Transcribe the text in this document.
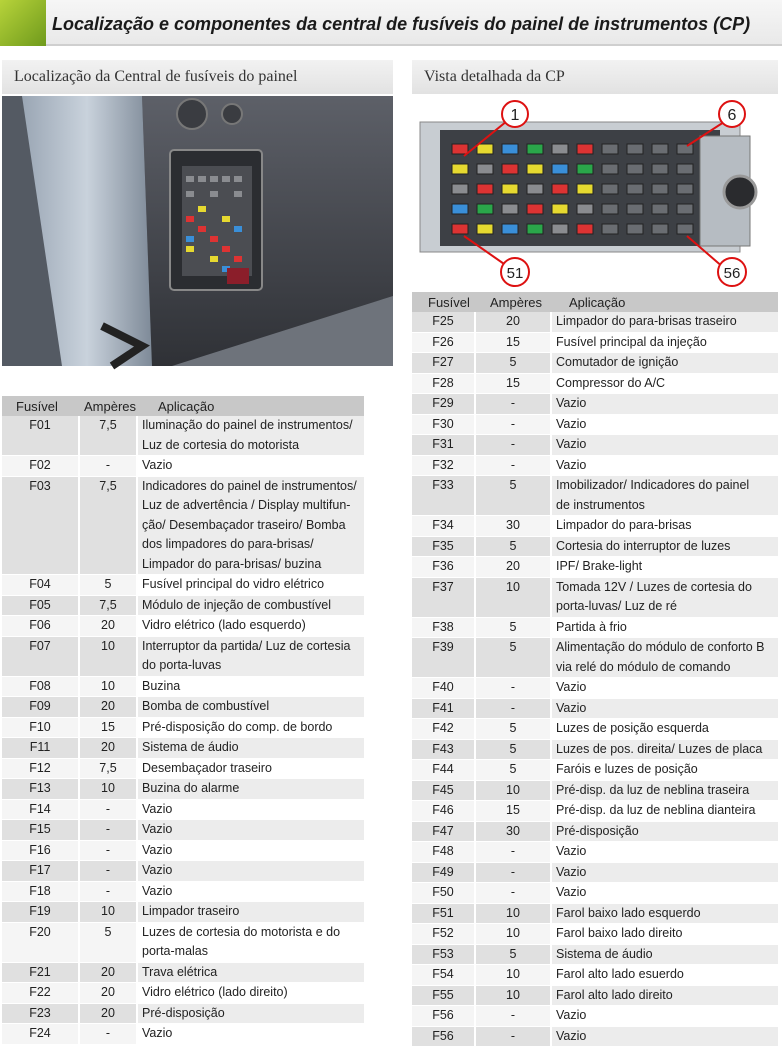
Localização e componentes da central de fusíveis do painel de instrumentos (CP)
Localização da Central de fusíveis do painel	Vista detalhada da CP
1	6
51	56
Fusível Ampères Aplicação
F01	7,5	Iluminação do painel de instrumentos/
Luz de cortesia do motorista
F02	-	Vazio
F03	7,5	Indicadores do painel de instrumentos/
Luz de advertência / Display multifun-
ção/ Desembaçador traseiro/ Bomba
dos limpadores do para-brisas/
Limpador do para-brisas/ buzina
F04	5	Fusível principal do vidro elétrico
F05	7,5	Módulo de injeção de combustível
F06	20	Vidro elétrico (lado esquerdo)
F07	10	Interruptor da partida/ Luz de cortesia
do porta-luvas
F08	10	Buzina
F09	20	Bomba de combustível
F10	15	Pré-disposição do comp. de bordo
F11	20	Sistema de áudio
F12	7,5	Desembaçador traseiro
F13	10	Buzina do alarme
F14	-	Vazio
F15	-	Vazio
F16	-	Vazio
F17	-	Vazio
F18	-	Vazio
F19	10	Limpador traseiro
F20	5	Luzes de cortesia do motorista e do
porta-malas
F21	20	Trava elétrica
F22	20	Vidro elétrico (lado direito)
F23	20	Pré-disposição
F24	-	Vazio
Fusível Ampères Aplicação
F25	20	Limpador do para-brisas traseiro
F26	15	Fusível principal da injeção
F27	5	Comutador de ignição
F28	15	Compressor do A/C
F29	-	Vazio
F30	-	Vazio
F31	-	Vazio
F32	-	Vazio
F33	5	Imobilizador/ Indicadores do painel
de instrumentos
F34	30	Limpador do para-brisas
F35	5	Cortesia do interruptor de luzes
F36	20	IPF/ Brake-light
F37	10	Tomada 12V / Luzes de cortesia do
porta-luvas/ Luz de ré
F38	5	Partida à frio
F39	5	Alimentação do módulo de conforto B
via relé do módulo de comando
F40	-	Vazio
F41	-	Vazio
F42	5	Luzes de posição esquerda
F43	5	Luzes de pos. direita/ Luzes de placa
F44	5	Faróis e luzes de posição
F45	10	Pré-disp. da luz de neblina traseira
F46	15	Pré-disp. da luz de neblina dianteira
F47	30	Pré-disposição
F48	-	Vazio
F49	-	Vazio
F50	-	Vazio
F51	10	Farol baixo lado esquerdo
F52	10	Farol baixo lado direito
F53	5	Sistema de áudio
F54	10	Farol alto lado esuerdo
F55	10	Farol alto lado direito
F56	-	Vazio
F56	-	Vazio
